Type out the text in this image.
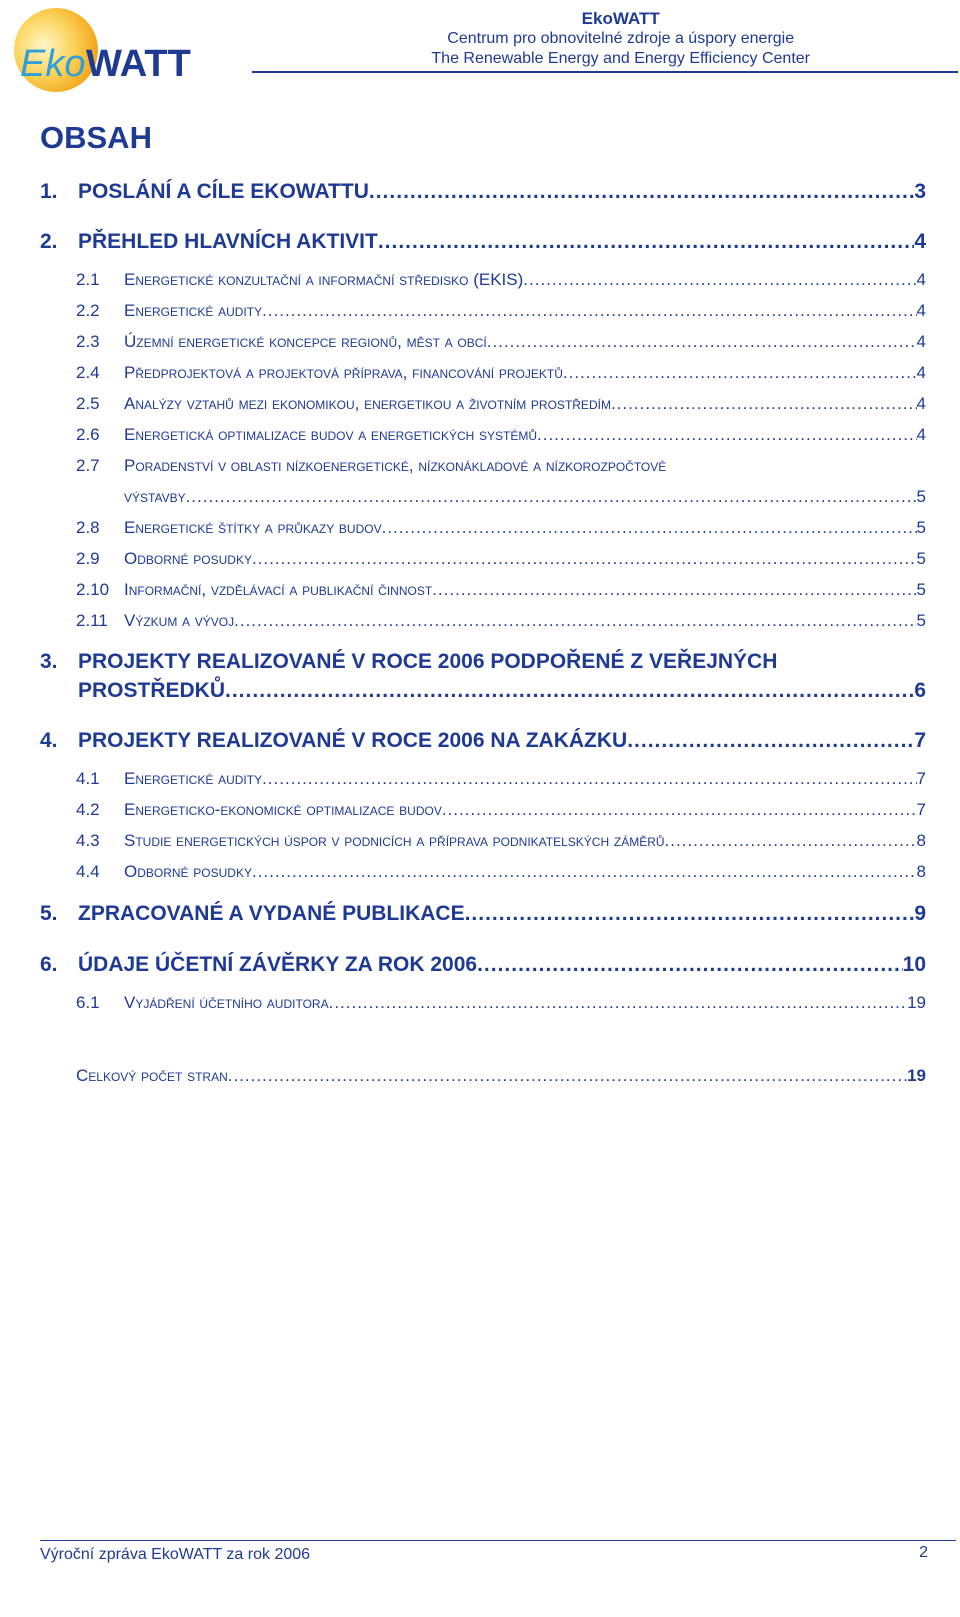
Eko WATT
EkoWATT
Centrum pro obnovitelné zdroje a úspory energie
The Renewable Energy and Energy Efficiency Center
OBSAH
1. POSLÁNÍ A CÍLE EKOWATTU .....	3
2. PŘEHLED HLAVNÍCH AKTIVIT .....	4
2.1	Energetické konzultační a informační středisko (EKIS) .....	4
2.2	Energetické audity .....	4
2.3	Územní energetické koncepce regionů, měst a obcí .....	4
2.4	Předprojektová a projektová příprava, financování projektů .....	4
2.5	Analýzy vztahů mezi ekonomikou, energetikou a životním prostředím .....	4
2.6	Energetická optimalizace budov a energetických systémů .....	4
2.7	Poradenství v oblasti nízkoenergetické, nízkonákladové a nízkorozpočtové
výstavby .....	5
2.8	Energetické štítky a průkazy budov .....	5
2.9	Odborné posudky .....	5
2.10 Informační, vzdělávací a publikační činnost .....	5
2.11 Výzkum a vývoj .....	5
3. PROJEKTY REALIZOVANÉ V ROCE 2006 PODPOŘENÉ Z VEŘEJNÝCH
PROSTŘEDKŮ .....	6
4. PROJEKTY REALIZOVANÉ V ROCE 2006 NA ZAKÁZKU .....	7
4.1	Energetické audity .....	7
4.2	Energeticko-ekonomické optimalizace budov .....	7
4.3	Studie energetických úspor v podnicích a příprava podnikatelských záměrů .....	8
4.4	Odborné posudky .....	8
5. ZPRACOVANÉ A VYDANÉ PUBLIKACE .....	9
6. ÚDAJE ÚČETNÍ ZÁVĚRKY ZA ROK 2006 .....	10
6.1	Vyjádření účetního auditora .....	19
Celkový počet stran .....	19
Výroční zpráva EkoWATT za rok 2006	2
